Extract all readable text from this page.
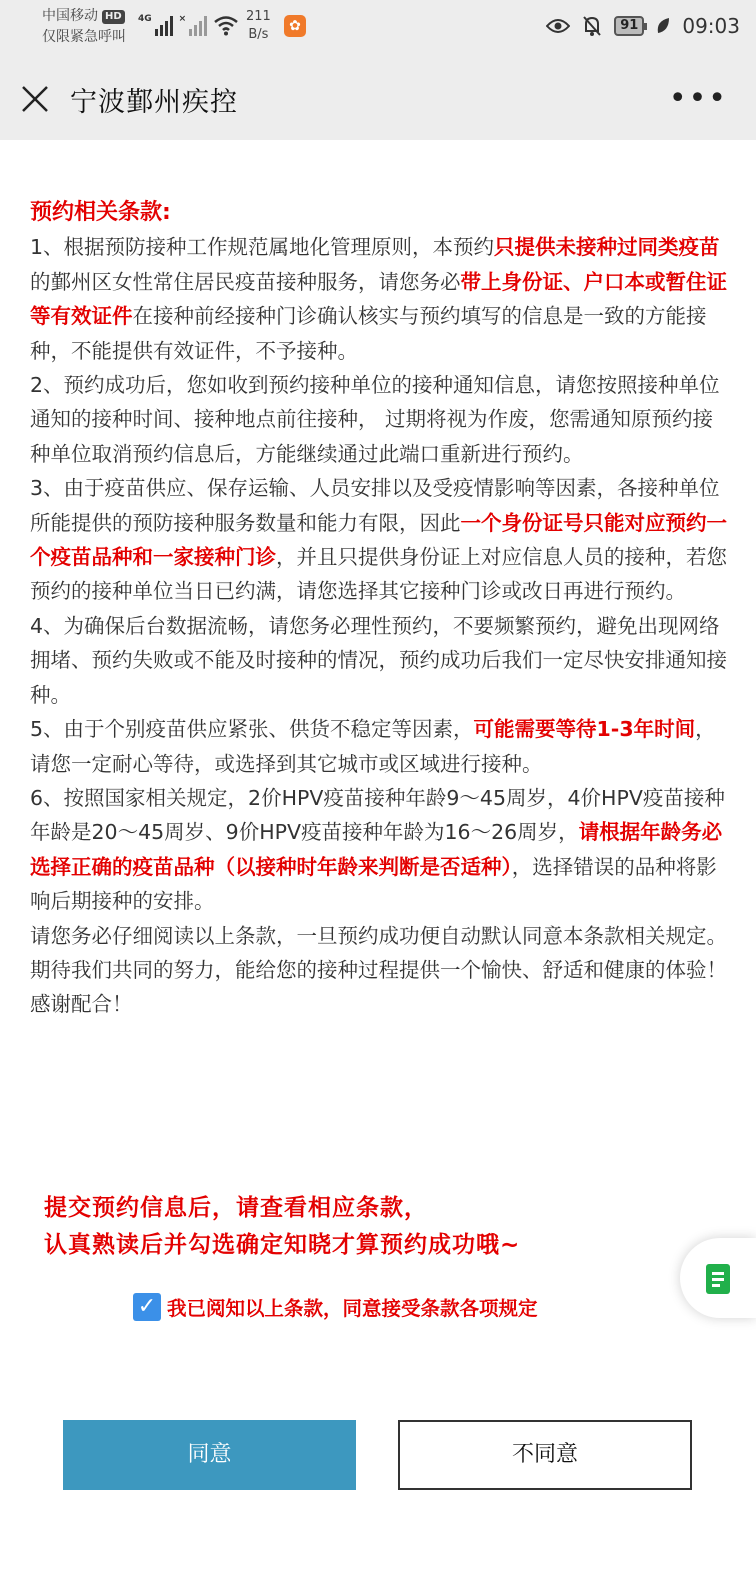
中国移动 HD
仅限紧急呼叫
4G	×	211
B/s
✿	91	09:03
宁波鄞州疾控	•••

预约相关条款:

1、根据预防接种工作规范属地化管理原则，本预约只提供未接种过同类疫苗的鄞州区女性常住居民疫苗接种服务，请您务必带上身份证、户口本或暂住证等有效证件在接种前经接种门诊确认核实与预约填写的信息是一致的方能接种，不能提供有效证件，不予接种。

2、预约成功后，您如收到预约接种单位的接种通知信息，请您按照接种单位通知的接种时间、接种地点前往接种， 过期将视为作废，您需通知原预约接种单位取消预约信息后，方能继续通过此端口重新进行预约。

3、由于疫苗供应、保存运输、人员安排以及受疫情影响等因素，各接种单位所能提供的预防接种服务数量和能力有限，因此一个身份证号只能对应预约一个疫苗品种和一家接种门诊，并且只提供身份证上对应信息人员的接种，若您预约的接种单位当日已约满，请您选择其它接种门诊或改日再进行预约。

4、为确保后台数据流畅，请您务必理性预约，不要频繁预约，避免出现网络拥堵、预约失败或不能及时接种的情况，预约成功后我们一定尽快安排通知接种。

5、由于个别疫苗供应紧张、供货不稳定等因素，可能需要等待1-3年时间，请您一定耐心等待，或选择到其它城市或区域进行接种。

6、按照国家相关规定，2价HPV疫苗接种年龄9～45周岁，4价HPV疫苗接种年龄是20～45周岁、9价HPV疫苗接种年龄为16～26周岁，请根据年龄务必选择正确的疫苗品种（以接种时年龄来判断是否适种），选择错误的品种将影响后期接种的安排。

请您务必仔细阅读以上条款，一旦预约成功便自动默认同意本条款相关规定。期待我们共同的努力，能给您的接种过程提供一个愉快、舒适和健康的体验！感谢配合！

提交预约信息后，请查看相应条款，
认真熟读后并勾选确定知晓才算预约成功哦~
✓ 我已阅知以上条款，同意接受条款各项规定
同意	不同意
